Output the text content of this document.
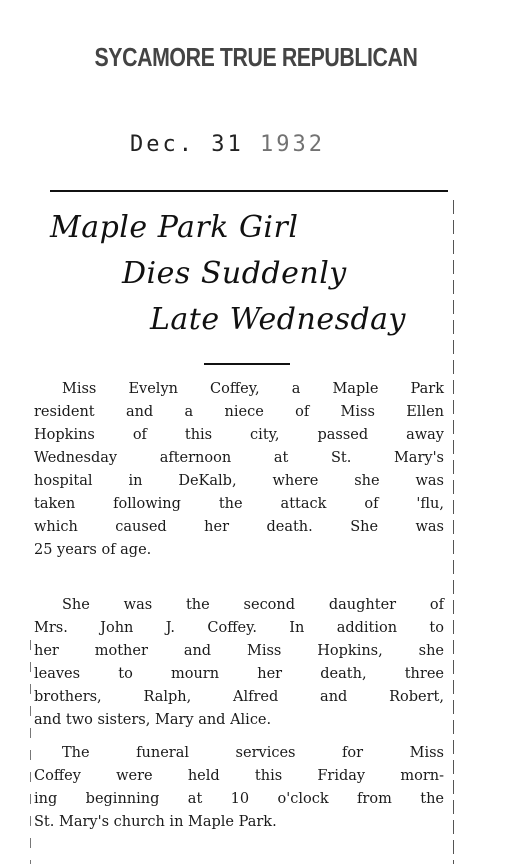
SYCAMORE TRUE REPUBLICAN
Dec. 31 1932
Maple Park Girl
Dies Suddenly
Late Wednesday
Miss Evelyn Coffey, a Maple Park
resident and a niece of Miss Ellen
Hopkins of this city, passed away
Wednesday afternoon at St. Mary's
hospital in DeKalb, where she was
taken following the attack of 'flu,
which caused her death. She was
25 years of age.
She was the second daughter of
Mrs. John J. Coffey. In addition to
her mother and Miss Hopkins, she
leaves to mourn her death, three
brothers, Ralph, Alfred and Robert,
and two sisters, Mary and Alice.
The funeral services for Miss
Coffey were held this Friday morn-
ing beginning at 10 o'clock from the
St. Mary's church in Maple Park.
